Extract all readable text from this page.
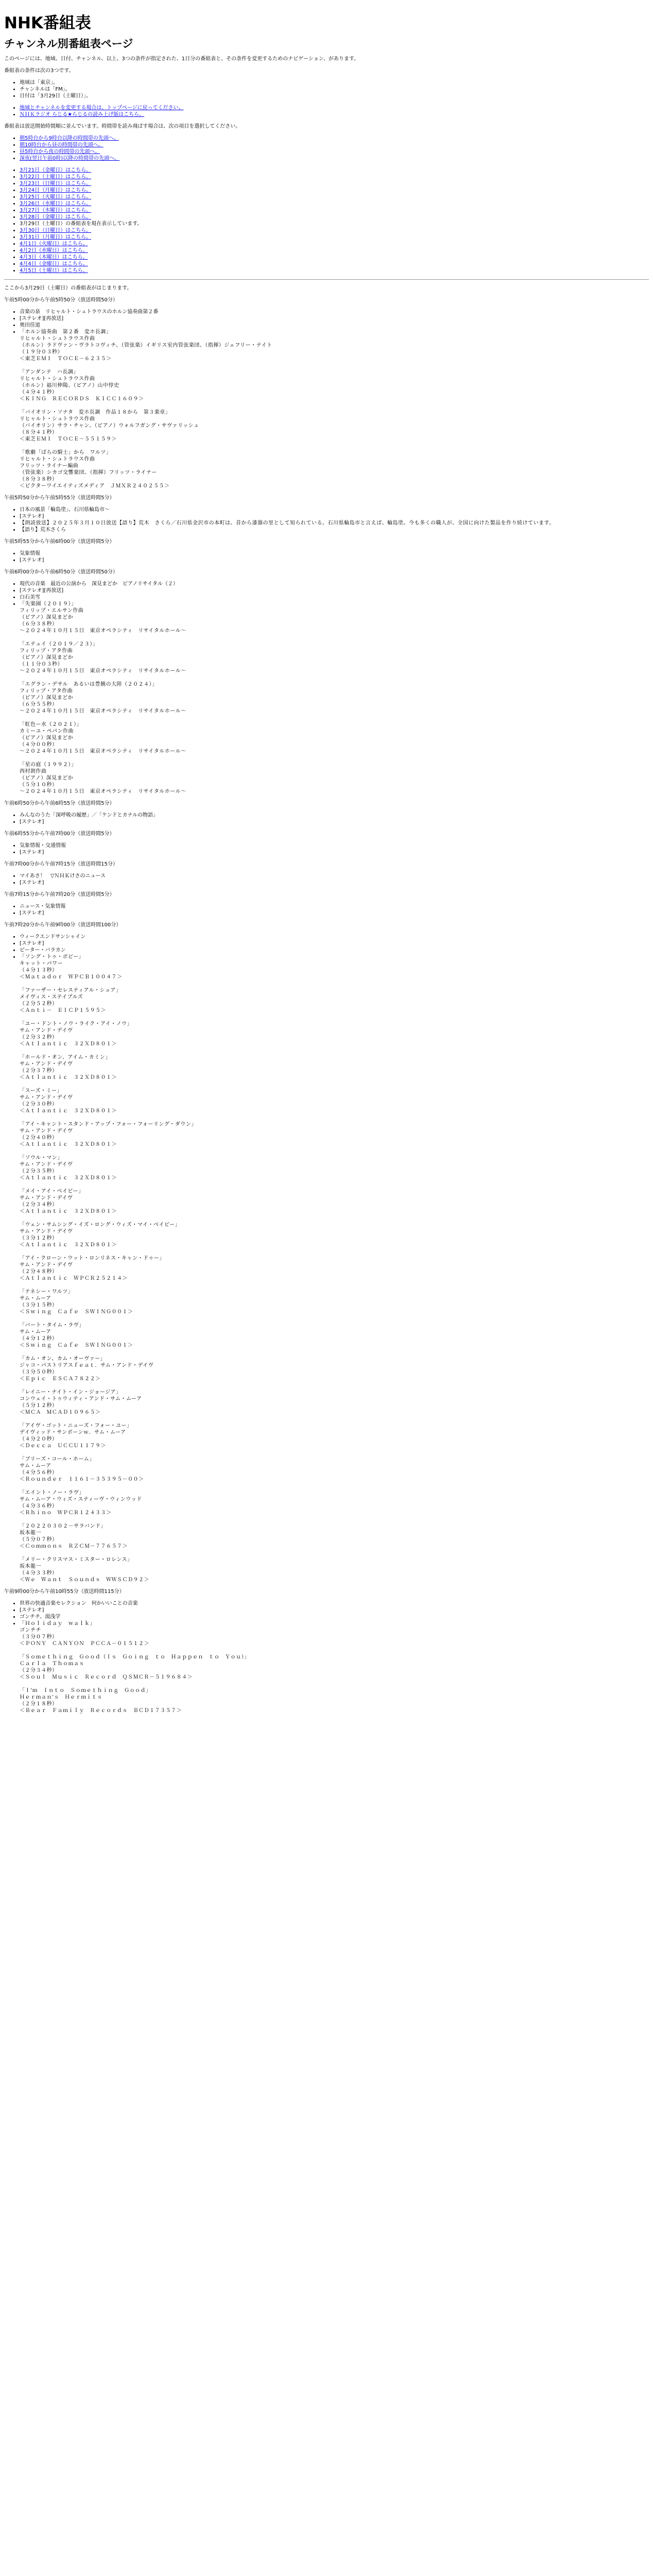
NHK番組表
チャンネル別番組表ページ

このページには、地域、日付、チャンネル、以上、3つの条件が指定された、1日分の番組表と、その条件を変更するためのナビゲーション、があります。

番組表の条件は次の3つです。

• 地域は「東京」。
• チャンネルは「FM」。
• 日付は「3月29日（土曜日）」。
• 地域とチャンネルを変更する場合は、トップページに戻ってください。
• ＮＨＫラジオ らじる★らじるの読み上げ版はこちら。

番組表は放送開始時間順に並んでいます。時間帯を読み飛ばす場合は、次の項目を選択してください。

• 朝5時台から9時台以降の時間帯の先頭へ。
• 朝10時台から昼の時間帯の先頭へ。
• 昼5時台から夜の時間帯の先頭へ。
• 深夜(翌日午前0時)以降の時間帯の先頭へ。
• 3月21日（金曜日）はこちら。
• 3月22日（土曜日）はこちら。
• 3月23日（日曜日）はこちら。
• 3月24日（月曜日）はこちら。
• 3月25日（火曜日）はこちら。
• 3月26日（水曜日）はこちら。
• 3月27日（木曜日）はこちら。
• 3月28日（金曜日）はこちら。
• 3月29日（土曜日）の番組表を現在表示しています。
• 3月30日（日曜日）はこちら。
• 3月31日（月曜日）はこちら。
• 4月1日（火曜日）はこちら。
• 4月2日（水曜日）はこちら。
• 4月3日（木曜日）はこちら。
• 4月4日（金曜日）はこちら。
• 4月5日（土曜日）はこちら。

ここから3月29日（土曜日）の番組表がはじまります。

午前5時00分から午前5時50分（放送時間50分）

• 音楽の泉　リヒャルト・シュトラウスのホルン協奏曲第２番
• [ステレオ][再放送]
• 奥田佳道
• 「ホルン協奏曲　第２番　変ホ長調」
リヒャルト・シュトラウス作曲
（ホルン）ラドヴァン・ヴラトコヴィチ、（管弦楽）イギリス室内管弦楽団、（指揮）ジェフリー・テイト
（１９分０３秒）
＜東芝ＥＭＩ　ＴＯＣＥ－６２３５＞

「アンダンテ　ハ長調」
リヒャルト・シュトラウス作曲
（ホルン）福川伸陽、（ピアノ）山中惇史
（４分４１秒）
＜ＫＩＮＧ　ＲＥＣＯＲＤＳ　ＫＩＣＣ１６０９＞

「バイオリン・ソナタ　変ホ長調　作品１８から　第３楽章」
リヒャルト・シュトラウス作曲
（バイオリン）サラ・チャン、（ピアノ）ウォルフガング・サヴァリッシュ
（８分４１秒）
＜東芝ＥＭＩ　ＴＯＣＥ－５５１５９＞

「歌劇「ばらの騎士」から　ワルツ」
リヒャルト・シュトラウス作曲
フリッツ・ライナー編曲
（管弦楽）シカゴ交響楽団、（指揮）フリッツ・ライナー
（８分３８秒）
＜ビクターワイエイティズメディア　ＪＭＸＲ２４０２５５＞

午前5時50分から午前5時55分（放送時間5分）

• 日本の風景「輪島塗」、石川県輪島市～
• [ステレオ]
• 【朗読放送】２０２５年３月１０日放送【語り】荒木　さくら／石川県金沢市の本町は、昔から漆器の里として知られている。石川県輪島市と言えば、輪島塗。今も多くの職人が、全国に向けた製品を作り続けています。
• 【語り】荒木さくら

午前5時55分から午前6時00分（放送時間5分）

• 気象情報
• [ステレオ]

午前6時00分から午前6時50分（放送時間50分）

• 現代の音楽　最近の公演から　深見まどか　ピアノリサイタル（２）
• [ステレオ][再放送]
• 白石美雪
• 「失楽園（２０１９）」
フィリップ・エルサン作曲
（ピアノ）深見まどか
（６分３８秒）
～２０２４年１０月１５日　東京オペラシティ　リサイタルホール～

「エテュイ（２０１９／２３）」
フィリップ・アタ作曲
（ピアノ）深見まどか
（１１分０３秒）
～２０２４年１０月１５日　東京オペラシティ　リサイタルホール～

「エグラン・デサル　あるいは豊饒の大陸（２０２４）」
フィリップ・アタ作曲
（ピアノ）深見まどか
（６分５５秒）
～２０２４年１０月１５日　東京オペラシティ　リサイタルホール～

「虹色ー水（２０２１）」
カミーユ・ペパン作曲
（ピアノ）深見まどか
（４分００秒）
～２０２４年１０月１５日　東京オペラシティ　リサイタルホール～

「星の庭（１９９２）」
西村朗作曲
（ピアノ）深見まどか
（５分１０秒）
～２０２４年１０月１５日　東京オペラシティ　リサイタルホール～

午前6時50分から午前6時55分（放送時間5分）

• みんなのうた「深呼吸の履歴」／「ケンドとカナルの物語」
• [ステレオ]

午前6時55分から午前7時00分（放送時間5分）

• 気象情報・交通情報
• [ステレオ]

午前7時00分から午前7時15分（放送時間15分）

• マイあさ！　▽ＮＨＫけさのニュース
• [ステレオ]

午前7時15分から午前7時20分（放送時間5分）

• ニュース・気象情報
• [ステレオ]

午前7時20分から午前9時00分（放送時間100分）

• ウィークエンドサンシャイン
• [ステレオ]
• ピーター・バラカン
• 「ソング・トゥ・ボビー」
キャット・パワー
（４分１３秒）
＜Ｍａｔａｄｏｒ　ＷＰＣＢ１００４７＞

「ファーザー・セレスティアル・シュア」
メイヴィス・ステイプルズ
（２分５２秒）
＜Ａｎｔｉ－　ＥＩＣＰ１５９５＞

「ユー・ドント・ノウ・ライク・アイ・ノウ」
サム・アンド・デイヴ
（２分３２秒）
＜Ａｔｌａｎｔｉｃ　３２ＸＤ８０１＞

「ホールド・オン、アイム・カミン」
サム・アンド・デイヴ
（２分３７秒）
＜Ａｔｌａｎｔｉｃ　３２ＸＤ８０１＞

「スーズ・ミー」
サム・アンド・デイヴ
（２分３０秒）
＜Ａｔｌａｎｔｉｃ　３２ＸＤ８０１＞

「アイ・キャント・スタンド・アップ・フォー・フォーリング・ダウン」
サム・アンド・デイヴ
（２分４０秒）
＜Ａｔｌａｎｔｉｃ　３２ＸＤ８０１＞

「ソウル・マン」
サム・アンド・デイヴ
（２分３５秒）
＜Ａｔｌａｎｔｉｃ　３２ＸＤ８０１＞

「メイ・アイ・ベイビー」
サム・アンド・デイヴ
（２分３４秒）
＜Ａｔｌａｎｔｉｃ　３２ＸＤ８０１＞

「ウェン・サムシング・イズ・ロング・ウィズ・マイ・ベイビー」
サム・アンド・デイヴ
（３分１２秒）
＜Ａｔｌａｎｔｉｃ　３２ＸＤ８０１＞

「アイ・クローン・ウット・ロンリネス・キャン・ドゥー」
サム・アンド・デイヴ
（２分４８秒）
＜Ａｔｌａｎｔｉｃ　ＷＰＣＲ２５２１４＞

「テネシー・ワルツ」
サム・ムーア
（３分１５秒）
＜Ｓｗｉｎｇ　Ｃａｆｅ　ＳＷＩＮＧ００１＞

「バート・タイム・ラヴ」
サム・ムーア
（４分１２秒）
＜Ｓｗｉｎｇ　Ｃａｆｅ　ＳＷＩＮＧ００１＞

「カム・オン、カム・オーヴァー」
ジャコ・パストリアスｆｅａｔ．サム・アンド・デイヴ
（３分５０秒）
＜Ｅｐｉｃ　ＥＳＣＡ７８２２＞

「レイニー・ナイト・イン・ジョージア」
コンウェイ・トゥウィティ・アンド・サム・ムーア
（５分１２秒）
＜ＭＣＡ　ＭＣＡＤ１０９６５＞

「アイヴ・ゴット・ニューズ・フォー・ユー」
デイヴィッド・サンボーンｗ．サム・ムーア
（４分２０秒）
＜Ｄｅｃｃａ　ＵＣＣＵ１１７９＞

「ブリーズ・コール・ホーム」
サム・ムーア
（４分５６秒）
＜Ｒｏｕｎｄｅｒ　１１６１－３５３９５－００＞

「エイント・ノー・ラヴ」
サム・ムーア・ウィズ・スティーヴ・ウィンウッド
（４分３６秒）
＜Ｒｈｉｎｏ　ＷＰＣＲ１２４３３＞

「２０２２０３０２－サラバンド」
坂本龍一
（５分０７秒）
＜Ｃｏｍｍｏｎｓ　ＲＺＣＭ－７７６５７＞

「メリー・クリスマス・ミスター・ロレンス」
坂本龍一
（４分３３秒）
＜Ｗｅ　Ｗａｎｔ　Ｓｏｕｎｄｓ　ＷＷＳＣＤ９２＞

午前9時00分から午前10時55分（放送時間115分）

• 世界の快適音楽セレクション　何かいいことの音楽
• [ステレオ]
• ゴンチチ、湯浅学
• 「Ｈｏｌｉｄａｙ　ｗａｌｋ」
ゴンチチ
（３分０７秒）
＜ＰＯＮＹ　ＣＡＮＹＯＮ　ＰＣＣＡ－０１５１２＞

「Ｓｏｍｅｔｈｉｎｇ　Ｇｏｏｄ（Ｉｓ　Ｇｏｉｎｇ　ｔｏ　Ｈａｐｐｅｎ　ｔｏ　Ｙｏｕ）」
Ｃａｒｌａ　Ｔｈｏｍａｓ
（２分３４秒）
＜Ｓｏｕｌ　Ｍｕｓｉｃ　Ｒｅｃｏｒｄ　ＱＳＭＣＲ－５１９６８４＞

「Ｉ’ｍ　Ｉｎｔｏ　Ｓｏｍｅｔｈｉｎｇ　Ｇｏｏｄ」
Ｈｅｒｍａｎ’ｓ　Ｈｅｒｍｉｔｓ
（２分１８秒）
＜Ｂｅａｒ　Ｆａｍｉｌｙ　Ｒｅｃｏｒｄｓ　ＢＣＤ１７３５７＞
